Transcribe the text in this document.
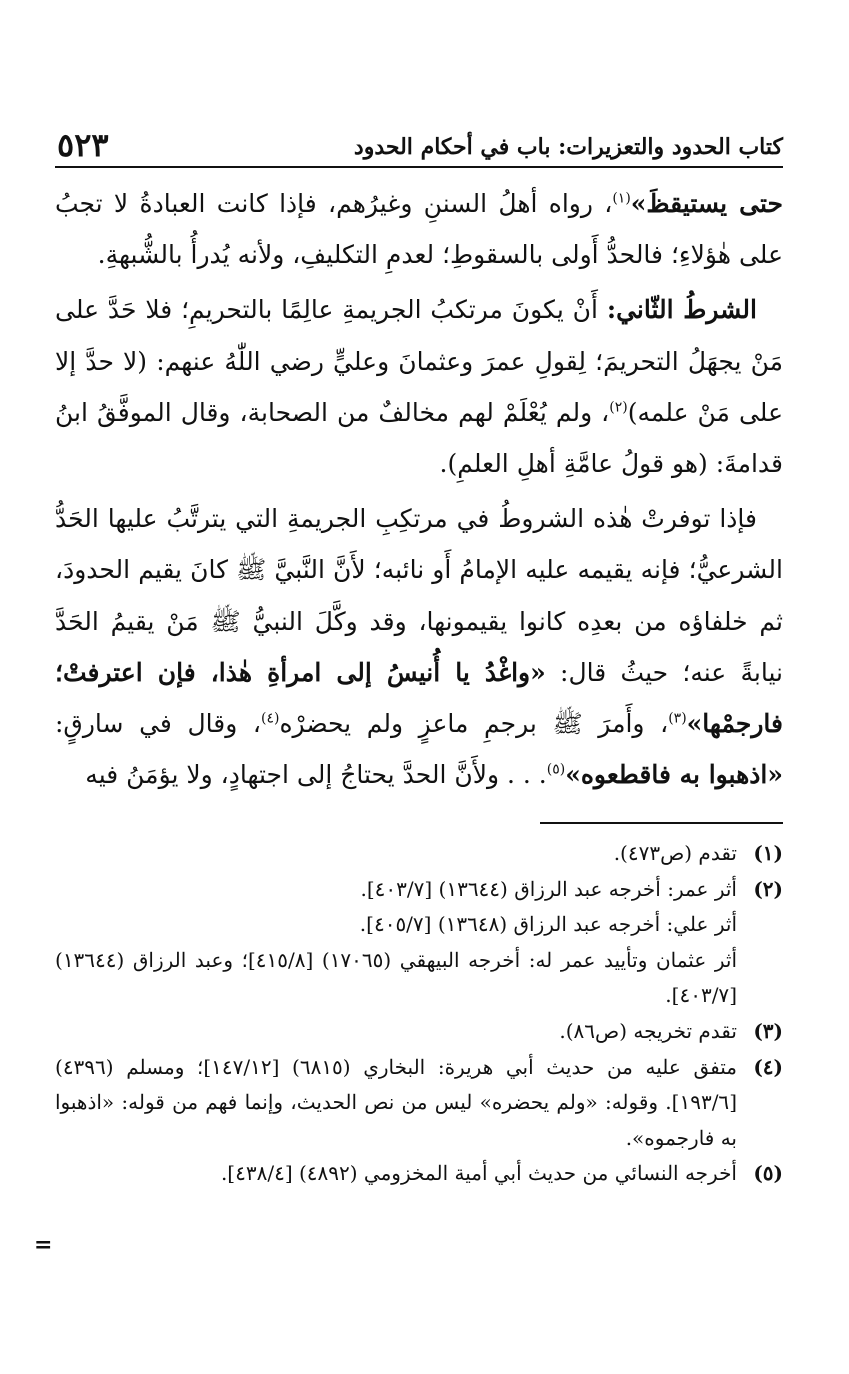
كتاب الحدود والتعزيرات: باب في أحكام الحدود
٥٢٣

حتى يستيقظَ»$^{(١)}$، رواه أهلُ السننِ وغيرُهم، فإذا كانت العبادةُ لا تجبُ على هٰؤلاءِ؛ فالحدُّ أَولى بالسقوطِ؛ لعدمِ التكليفِ، ولأنه يُدرأُ بالشُّبهةِ.

الشرطُ الثّاني: أَنْ يكونَ مرتكبُ الجريمةِ عالِمًا بالتحريمِ؛ فلا حَدَّ على مَنْ يجهَلُ التحريمَ؛ لِقولِ عمرَ وعثمانَ وعليٍّ رضي اللّٰهُ عنهم: (لا حدَّ إلا على مَنْ علمه)$^{(٢)}$، ولم يُعْلَمْ لهم مخالفٌ من الصحابة، وقال الموفَّقُ ابنُ قدامةَ: (هو قولُ عامَّةِ أهلِ العلمِ).

فإذا توفرتْ هٰذه الشروطُ في مرتكِبِ الجريمةِ التي يترتَّبُ عليها الحَدُّ الشرعيُّ؛ فإنه يقيمه عليه الإمامُ أَو نائبه؛ لأَنَّ النَّبيَّ ﷺ كانَ يقيم الحدودَ، ثم خلفاؤه من بعدِه كانوا يقيمونها، وقد وكَّلَ النبيُّ ﷺ مَنْ يقيمُ الحَدَّ نيابةً عنه؛ حيثُ قال: «واغْدُ يا أُنيسُ إلى امرأةِ هٰذا، فإن اعترفتْ؛ فارجمْها»$^{(٣)}$، وأَمرَ ﷺ برجمِ ماعزٍ ولم يحضرْه$^{(٤)}$، وقال في سارقٍ: «اذهبوا به فاقطعوه»$^{(٥)}$. . . ولأَنَّ الحدَّ يحتاجُ إلى اجتهادٍ، ولا يؤمَنُ فيه

(١)
تقدم (ص٤٧٣).
(٢)
أثر عمر: أخرجه عبد الرزاق (١٣٦٤٤) [٤٠٣/٧].
أثر علي: أخرجه عبد الرزاق (١٣٦٤٨) [٤٠٥/٧].
أثر عثمان وتأييد عمر له: أخرجه البيهقي (١٧٠٦٥) [٤١٥/٨]؛ وعبد الرزاق (١٣٦٤٤) [٤٠٣/٧].
(٣)
تقدم تخريجه (ص٨٦).
(٤)
متفق عليه من حديث أبي هريرة: البخاري (٦٨١٥) [١٤٧/١٢]؛ ومسلم (٤٣٩٦) [١٩٣/٦]. وقوله: «ولم يحضره» ليس من نص الحديث، وإنما فهم من قوله: «اذهبوا به فارجموه».
(٥)
أخرجه النسائي من حديث أبي أمية المخزومي (٤٨٩٢) [٤٣٨/٤].
=
